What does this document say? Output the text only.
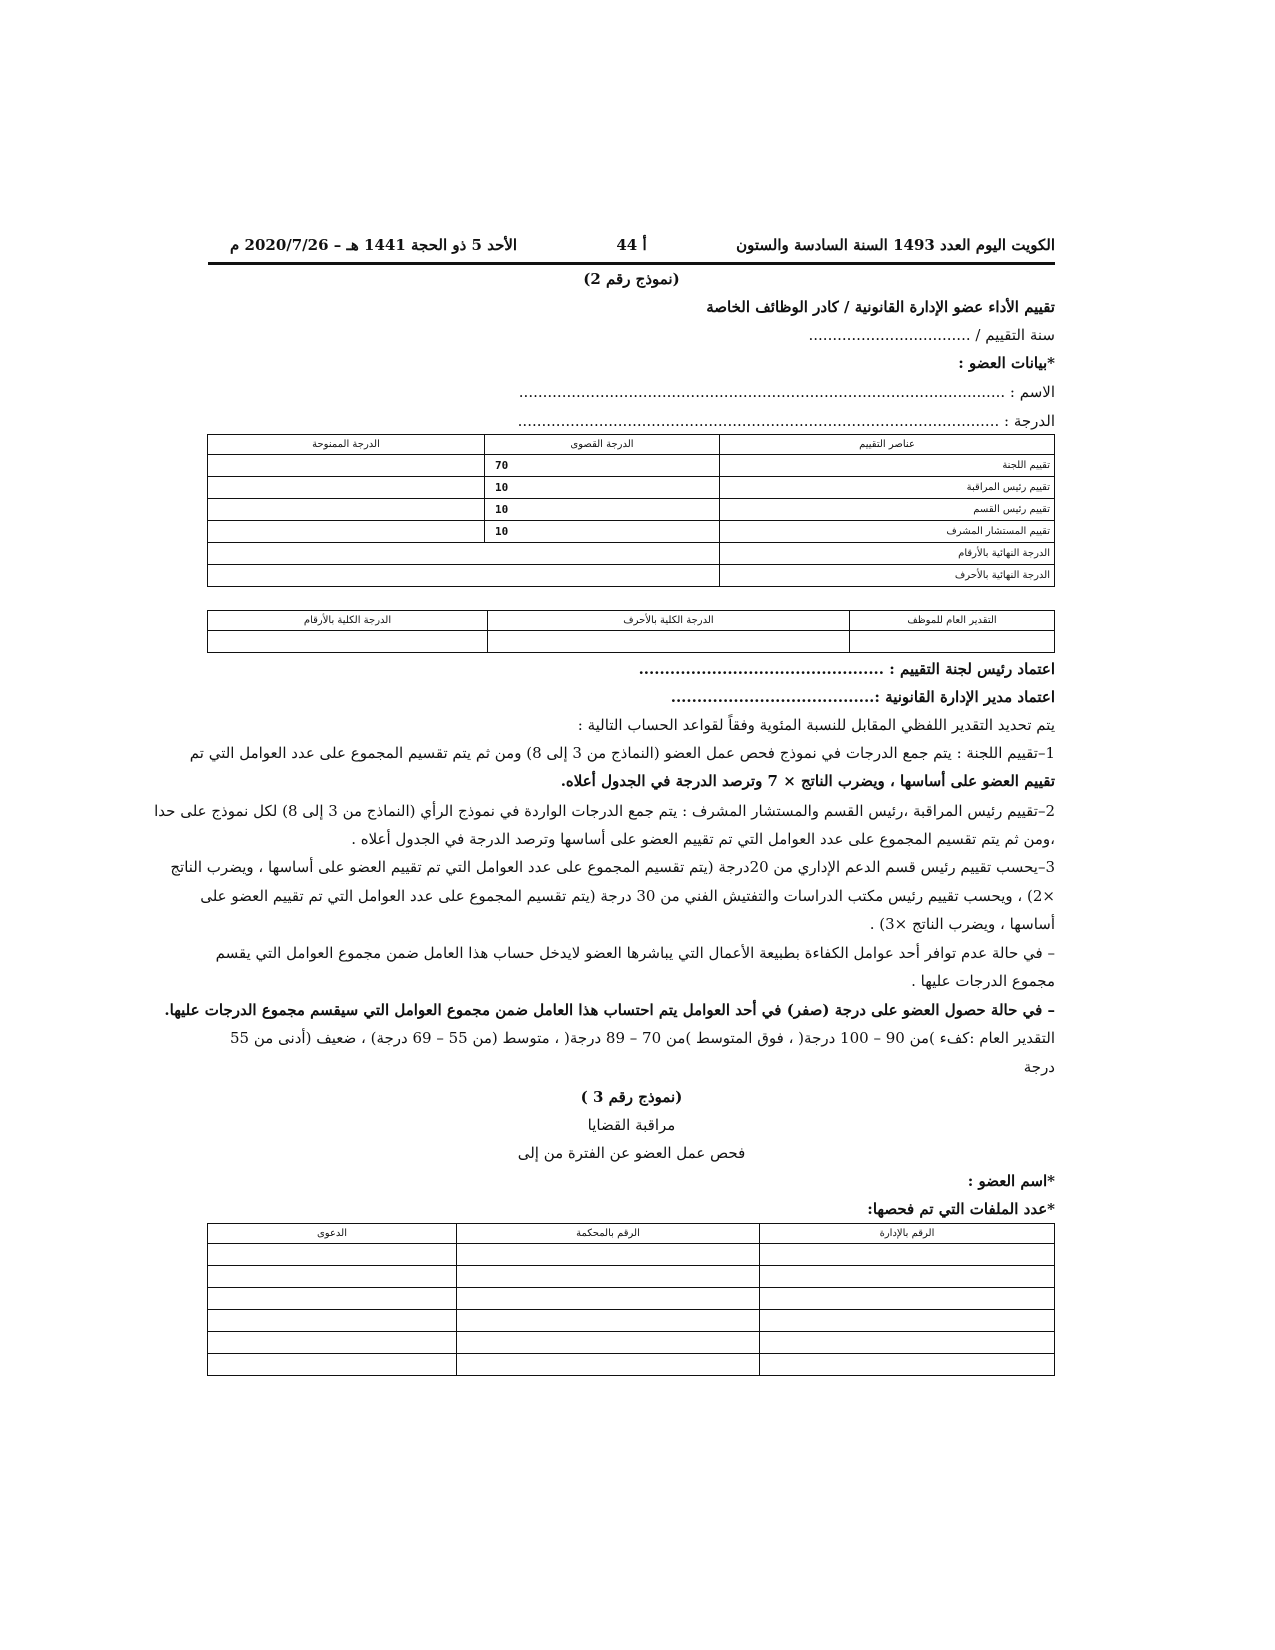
الكويت اليوم العدد 1493 السنة السادسة والستون
أ 44
الأحد 5 ذو الحجة 1441 هـ – 2020/7/26 م
(نموذج رقم 2)
تقييم الأداء عضو الإدارة القانونية / كادر الوظائف الخاصة
سنة التقييم / ..................................
*بيانات العضو :
الاسم : ......................................................................................................
الدرجة : .....................................................................................................
عناصر التقييم	الدرجة القصوى	الدرجة الممنوحة
تقييم اللجنة	70	
تقييم رئيس المراقبة	10	
تقييم رئيس القسم	10	
تقييم المستشار المشرف	10	
الدرجة النهائية بالأرقام		
الدرجة النهائية بالأحرف		
التقدير العام للموظف	الدرجة الكلية بالأحرف	الدرجة الكلية بالأرقام

اعتماد رئيس لجنة التقييم : ...............................................
اعتماد مدير الإدارة القانونية :.......................................
يتم تحديد التقدير اللفظي المقابل للنسبة المئوية وفقاً لقواعد الحساب التالية :
1–تقييم اللجنة : يتم جمع الدرجات في نموذج فحص عمل العضو (النماذج من 3 إلى 8) ومن ثم يتم تقسيم المجموع على عدد العوامل التي تم
تقييم العضو على أساسها ، ويضرب الناتج × 7 وترصد الدرجة في الجدول أعلاه.
2–تقييم رئيس المراقبة ،رئيس القسم والمستشار المشرف : يتم جمع الدرجات الواردة في نموذج الرأي (النماذج من 3 إلى 8) لكل نموذج على حدا
،ومن ثم يتم تقسيم المجموع على عدد العوامل التي تم تقييم العضو على أساسها وترصد الدرجة في الجدول أعلاه .
3–يحسب تقييم رئيس قسم الدعم الإداري من 20درجة (يتم تقسيم المجموع على عدد العوامل التي تم تقييم العضو على أساسها ، ويضرب الناتج
×2) ، ويحسب تقييم رئيس مكتب الدراسات والتفتيش الفني من 30 درجة (يتم تقسيم المجموع على عدد العوامل التي تم تقييم العضو على
أساسها ، ويضرب الناتج ×3) .
– في حالة عدم توافر أحد عوامل الكفاءة بطبيعة الأعمال التي يباشرها العضو لايدخل حساب هذا العامل ضمن مجموع العوامل التي يقسم
مجموع الدرجات عليها .
– في حالة حصول العضو على درجة (صفر) في أحد العوامل يتم احتساب هذا العامل ضمن مجموع العوامل التي سيقسم مجموع الدرجات عليها.
التقدير العام :كفء )من 90 – 100 درجة( ، فوق المتوسط )من 70 – 89 درجة( ، متوسط (من 55 – 69 درجة) ، ضعيف (أدنى من 55
درجة
(نموذج رقم 3 )
مراقبة القضايا
فحص عمل العضو عن الفترة من إلى
*اسم العضو :
*عدد الملفات التي تم فحصها:
الرقم بالإدارة	الرقم بالمحكمة	الدعوى
